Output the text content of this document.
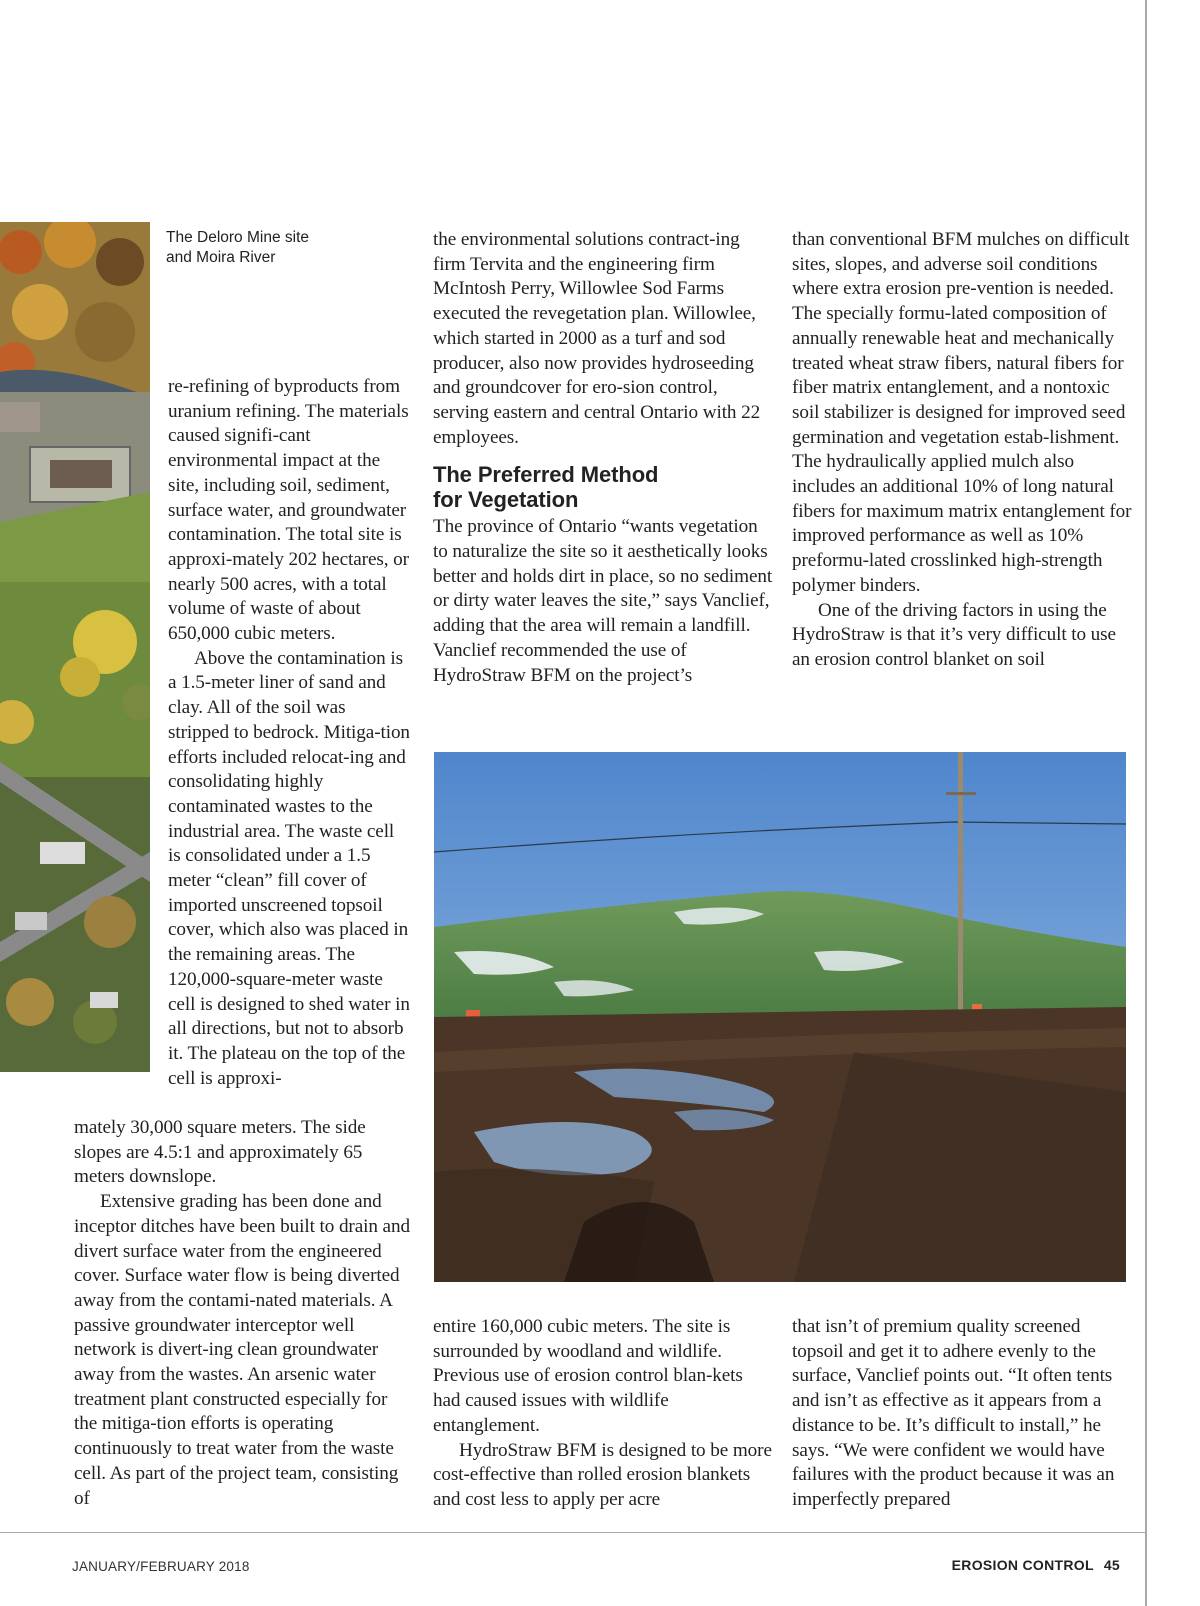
The Deloro Mine site
and Moira River

re-refining of byproducts from uranium refining. The materials caused signifi-cant environmental impact at the site, including soil, sediment, surface water, and groundwater contamination. The total site is approxi-mately 202 hectares, or nearly 500 acres, with a total volume of waste of about 650,000 cubic meters.

Above the contamination is a 1.5-meter liner of sand and clay. All of the soil was stripped to bedrock. Mitiga-tion efforts included relocat-ing and consolidating highly contaminated wastes to the industrial area. The waste cell is consolidated under a 1.5 meter “clean” fill cover of imported unscreened topsoil cover, which also was placed in the remaining areas. The 120,000-square-meter waste cell is designed to shed water in all directions, but not to absorb it. The plateau on the top of the cell is approxi-

mately 30,000 square meters. The side slopes are 4.5:1 and approximately 65 meters downslope.

Extensive grading has been done and inceptor ditches have been built to drain and divert surface water from the engineered cover. Surface water flow is being diverted away from the contami-nated materials. A passive groundwater interceptor well network is divert-ing clean groundwater away from the wastes. An arsenic water treatment plant constructed especially for the mitiga-tion efforts is operating continuously to treat water from the waste cell. As part of the project team, consisting of

the environmental solutions contract-ing firm Tervita and the engineering firm McIntosh Perry, Willowlee Sod Farms executed the revegetation plan. Willowlee, which started in 2000 as a turf and sod producer, also now provides hydroseeding and groundcover for ero-sion control, serving eastern and central Ontario with 22 employees.

The Preferred Method
for Vegetation

The province of Ontario “wants vegetation to naturalize the site so it aesthetically looks better and holds dirt in place, so no sediment or dirty water leaves the site,” says Vanclief, adding that the area will remain a landfill. Vanclief recommended the use of HydroStraw BFM on the project’s

entire 160,000 cubic meters. The site is surrounded by woodland and wildlife. Previous use of erosion control blan-kets had caused issues with wildlife entanglement.

HydroStraw BFM is designed to be more cost-effective than rolled erosion blankets and cost less to apply per acre

than conventional BFM mulches on difficult sites, slopes, and adverse soil conditions where extra erosion pre-vention is needed. The specially formu-lated composition of annually renewable heat and mechanically treated wheat straw fibers, natural fibers for fiber matrix entanglement, and a nontoxic soil stabilizer is designed for improved seed germination and vegetation estab-lishment. The hydraulically applied mulch also includes an additional 10% of long natural fibers for maximum matrix entanglement for improved performance as well as 10% preformu-lated crosslinked high-strength polymer binders.

One of the driving factors in using the HydroStraw is that it’s very difficult to use an erosion control blanket on soil

that isn’t of premium quality screened topsoil and get it to adhere evenly to the surface, Vanclief points out. “It often tents and isn’t as effective as it appears from a distance to be. It’s difficult to install,” he says. “We were confident we would have failures with the product because it was an imperfectly prepared

JANUARY/FEBRUARY 2018	EROSION CONTROL 45
